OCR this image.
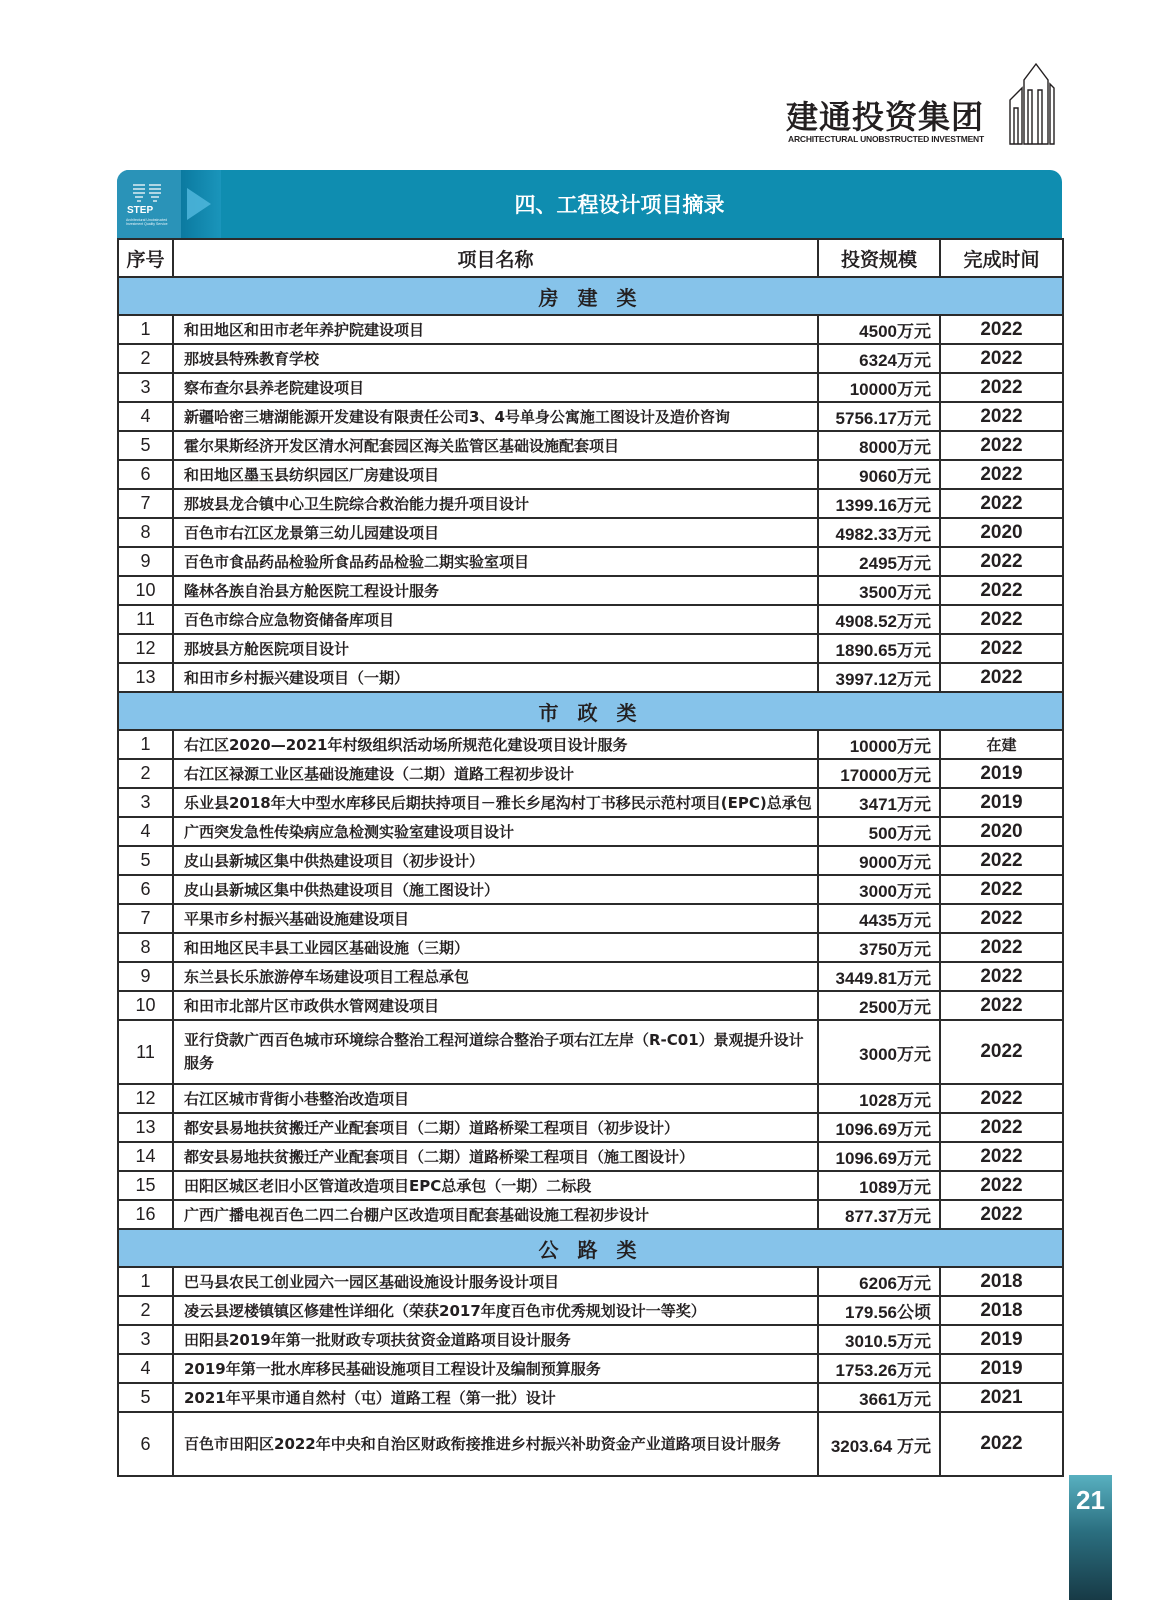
建通投资集团
ARCHITECTURAL UNOBSTRUCTED INVESTMENT
STEP
Architectural Unobstructed Investment Quality Service
四、工程设计项目摘录
序号	项目名称	投资规模	完成时间
房 建 类			
1	和田地区和田市老年养护院建设项目	4500万元	2022
2	那坡县特殊教育学校	6324万元	2022
3	察布查尔县养老院建设项目	10000万元	2022
4	新疆哈密三塘湖能源开发建设有限责任公司3、4号单身公寓施工图设计及造价咨询	5756.17万元	2022
5	霍尔果斯经济开发区清水河配套园区海关监管区基础设施配套项目	8000万元	2022
6	和田地区墨玉县纺织园区厂房建设项目	9060万元	2022
7	那坡县龙合镇中心卫生院综合救治能力提升项目设计	1399.16万元	2022
8	百色市右江区龙景第三幼儿园建设项目	4982.33万元	2020
9	百色市食品药品检验所食品药品检验二期实验室项目	2495万元	2022
10	隆林各族自治县方舱医院工程设计服务	3500万元	2022
11	百色市综合应急物资储备库项目	4908.52万元	2022
12	那坡县方舱医院项目设计	1890.65万元	2022
13	和田市乡村振兴建设项目（一期）	3997.12万元	2022
市 政 类			
1	右江区2020—2021年村级组织活动场所规范化建设项目设计服务	10000万元	在建
2	右江区禄源工业区基础设施建设（二期）道路工程初步设计	170000万元	2019
3	乐业县2018年大中型水库移民后期扶持项目－雅长乡尾沟村丁书移民示范村项目(EPC)总承包	3471万元	2019
4	广西突发急性传染病应急检测实验室建设项目设计	500万元	2020
5	皮山县新城区集中供热建设项目（初步设计）	9000万元	2022
6	皮山县新城区集中供热建设项目（施工图设计）	3000万元	2022
7	平果市乡村振兴基础设施建设项目	4435万元	2022
8	和田地区民丰县工业园区基础设施（三期）	3750万元	2022
9	东兰县长乐旅游停车场建设项目工程总承包	3449.81万元	2022
10	和田市北部片区市政供水管网建设项目	2500万元	2022
11	亚行贷款广西百色城市环境综合整治工程河道综合整治子项右江左岸（R-C01）景观提升设计服务	3000万元	2022
12	右江区城市背街小巷整治改造项目	1028万元	2022
13	都安县易地扶贫搬迁产业配套项目（二期）道路桥梁工程项目（初步设计）	1096.69万元	2022
14	都安县易地扶贫搬迁产业配套项目（二期）道路桥梁工程项目（施工图设计）	1096.69万元	2022
15	田阳区城区老旧小区管道改造项目EPC总承包（一期）二标段	1089万元	2022
16	广西广播电视百色二四二台棚户区改造项目配套基础设施工程初步设计	877.37万元	2022
公 路 类			
1	巴马县农民工创业园六一园区基础设施设计服务设计项目	6206万元	2018
2	凌云县逻楼镇镇区修建性详细化（荣获2017年度百色市优秀规划设计一等奖）	179.56公顷	2018
3	田阳县2019年第一批财政专项扶贫资金道路项目设计服务	3010.5万元	2019
4	2019年第一批水库移民基础设施项目工程设计及编制预算服务	1753.26万元	2019
5	2021年平果市通自然村（屯）道路工程（第一批）设计	3661万元	2021
6	百色市田阳区2022年中央和自治区财政衔接推进乡村振兴补助资金产业道路项目设计服务	3203.64 万元	2022
21
